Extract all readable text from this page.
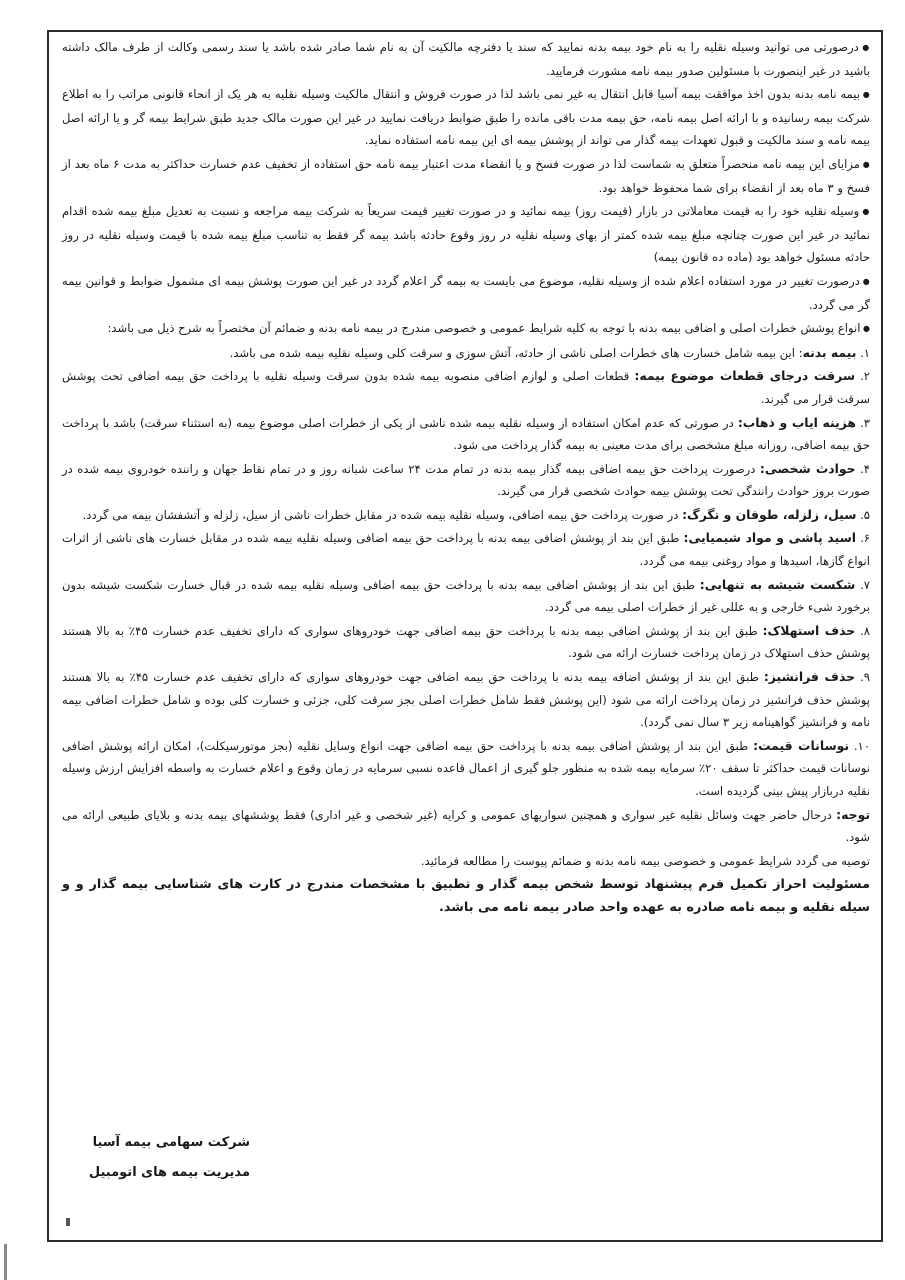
● درصورتی می توانید وسیله نقلیه را به نام خود بیمه بدنه نمایید که سند یا دفترچه مالکیت آن به نام شما صادر شده باشد یا سند رسمی وکالت از طرف مالک داشته باشید در غیر اینصورت با مسئولین صدور بیمه نامه مشورت فرمایید.

● بیمه نامه بدنه بدون اخذ موافقت بیمه آسیا قابل انتقال به غیر نمی باشد لذا در صورت فروش و انتقال مالکیت وسیله نقلیه به هر یک از انحاء قانونی مراتب را به اطلاع شرکت بیمه رسانیده و با ارائه اصل بیمه نامه، حق بیمه مدت باقی مانده را طبق ضوابط دریافت نمایید در غیر این صورت مالک جدید طبق شرایط بیمه گر و یا ارائه اصل بیمه نامه و سند مالکیت و قبول تعهدات بیمه گذار می تواند از پوشش بیمه ای این بیمه نامه استفاده نماید.

● مزایای این بیمه نامه منحصراً متعلق به شماست لذا در صورت فسخ و یا انقضاء مدت اعتبار بیمه نامه حق استفاده از تخفیف عدم خسارت حداکثر به مدت ۶ ماه بعد از فسخ و ۳ ماه بعد از انقضاء برای شما محفوظ خواهد بود.

● وسیله نقلیه خود را به قیمت معاملاتی در بازار (قیمت روز) بیمه نمائید و در صورت تغییر قیمت سریعاً به شرکت بیمه مراجعه و نسبت به تعدیل مبلغ بیمه شده اقدام نمائید در غیر این صورت چنانچه مبلغ بیمه شده کمتر از بهای وسیله نقلیه در روز وقوع حادثه باشد بیمه گر فقط به تناسب مبلغ بیمه شده با قیمت وسیله نقلیه در روز حادثه مسئول خواهد بود (ماده ده قانون بیمه)

● درصورت تغییر در مورد استفاده اعلام شده از وسیله نقلیه، موضوع می بایست به بیمه گر اعلام گردد در غیر این صورت پوشش بیمه ای مشمول ضوابط و قوانین بیمه گر می گردد.

● انواع پوشش خطرات اصلی و اضافی بیمه بدنه با توجه به کلیه شرایط عمومی و خصوصی مندرج در بیمه نامه بدنه و ضمائم آن مختصراً به شرح ذیل می باشد:

۱. بیمه بدنه: این بیمه شامل خسارت های خطرات اصلی ناشی از حادثه، آتش سوزی و سرقت کلی وسیله نقلیه بیمه شده می باشد.

۲. سرقت درجای قطعات موضوع بیمه: قطعات اصلی و لوازم اضافی منصوبه بیمه شده بدون سرقت وسیله نقلیه با پرداخت حق بیمه اضافی تحت پوشش سرقت قرار می گیرند.

۳. هزینه ایاب و ذهاب: در صورتی که عدم امکان استفاده از وسیله نقلیه بیمه شده ناشی از یکی از خطرات اصلی موضوع بیمه (به استثناء سرقت) باشد با پرداخت حق بیمه اضافی، روزانه مبلغ مشخصی برای مدت معینی به بیمه گذار پرداخت می شود.

۴. حوادث شخصی: درصورت پرداخت حق بیمه اضافی بیمه گذار بیمه بدنه در تمام مدت ۲۴ ساعت شبانه روز و در تمام نقاط جهان و راننده خودروی بیمه شده در صورت بروز حوادث رانندگی تحت پوشش بیمه حوادث شخصی قرار می گیرند.

۵. سیل، زلزله، طوفان و تگرگ: در صورت پرداخت حق بیمه اضافی، وسیله نقلیه بیمه شده در مقابل خطرات ناشی از سیل، زلزله و آتشفشان بیمه می گردد.

۶. اسید پاشی و مواد شیمیایی: طبق این بند از پوشش اضافی بیمه بدنه با پرداخت حق بیمه اضافی وسیله نقلیه بیمه شده در مقابل خسارت های ناشی از اثرات انواع گازها، اسیدها و مواد روغنی بیمه می گردد.

۷. شکست شیشه به تنهایی: طبق این بند از پوشش اضافی بیمه بدنه با پرداخت حق بیمه اضافی وسیله نقلیه بیمه شده در قبال خسارت شکست شیشه بدون برخورد شیء خارجی و به عللی غیر از خطرات اصلی بیمه می گردد.

۸. حذف استهلاک: طبق این بند از پوشش اضافی بیمه بدنه با پرداخت حق بیمه اضافی جهت خودروهای سواری که دارای تخفیف عدم خسارت ۴۵٪ به بالا هستند پوشش حذف استهلاک در زمان پرداخت خسارت ارائه می شود.

۹. حذف فرانشیز: طبق این بند از پوشش اضافه بیمه بدنه با پرداخت حق بیمه اضافی جهت خودروهای سواری که دارای تخفیف عدم خسارت ۴۵٪ به بالا هستند پوشش حذف فرانشیز در زمان پرداخت ارائه می شود (این پوشش فقط شامل خطرات اصلی بجز سرقت کلی، جزئی و خسارت کلی بوده و شامل خطرات اضافی بیمه نامه و فرانشیز گواهینامه زیر ۳ سال نمی گردد).

۱۰. نوسانات قیمت: طبق این بند از پوشش اضافی بیمه بدنه با پرداخت حق بیمه اضافی جهت انواع وسایل نقلیه (بجز موتورسیکلت)، امکان ارائه پوشش اضافی نوسانات قیمت حداکثر تا سقف ۲۰٪ سرمایه بیمه شده به منظور جلو گیری از اعمال قاعده نسبی سرمایه در زمان وقوع و اعلام خسارت به واسطه افزایش ارزش وسیله نقلیه دربازار پیش بینی گردیده است.

توجه: درحال حاضر جهت وسائل نقلیه غیر سواری و همچنین سواریهای عمومی و کرایه (غیر شخصی و غیر اداری) فقط پوششهای بیمه بدنه و بلایای طبیعی ارائه می شود.

توصیه می گردد شرایط عمومی و خصوصی بیمه نامه بدنه و ضمائم پیوست را مطالعه فرمائید.

مسئولیت احراز تکمیل فرم پیشنهاد توسط شخص بیمه گذار و تطبیق با مشخصات مندرج در کارت های شناسایی بیمه گذار و و سیله نقلیه و بیمه نامه صادره به عهده واحد صادر بیمه نامه می باشد.

شرکت سهامی بیمه آسیا
مدیریت بیمه های اتومبیل
